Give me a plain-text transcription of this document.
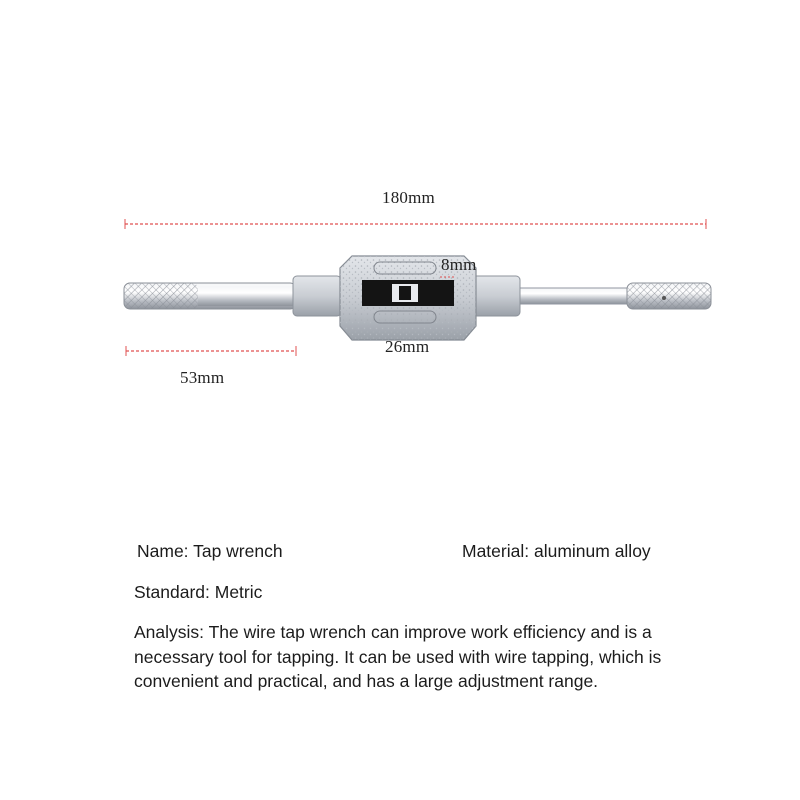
180mm
8mm
26mm
53mm
Name: Tap wrench	Material: aluminum alloy
Standard: Metric
Analysis: The wire tap wrench can improve work efficiency and is a necessary tool for tapping. It can be used with wire tapping, which is convenient and practical, and has a large adjustment range.
